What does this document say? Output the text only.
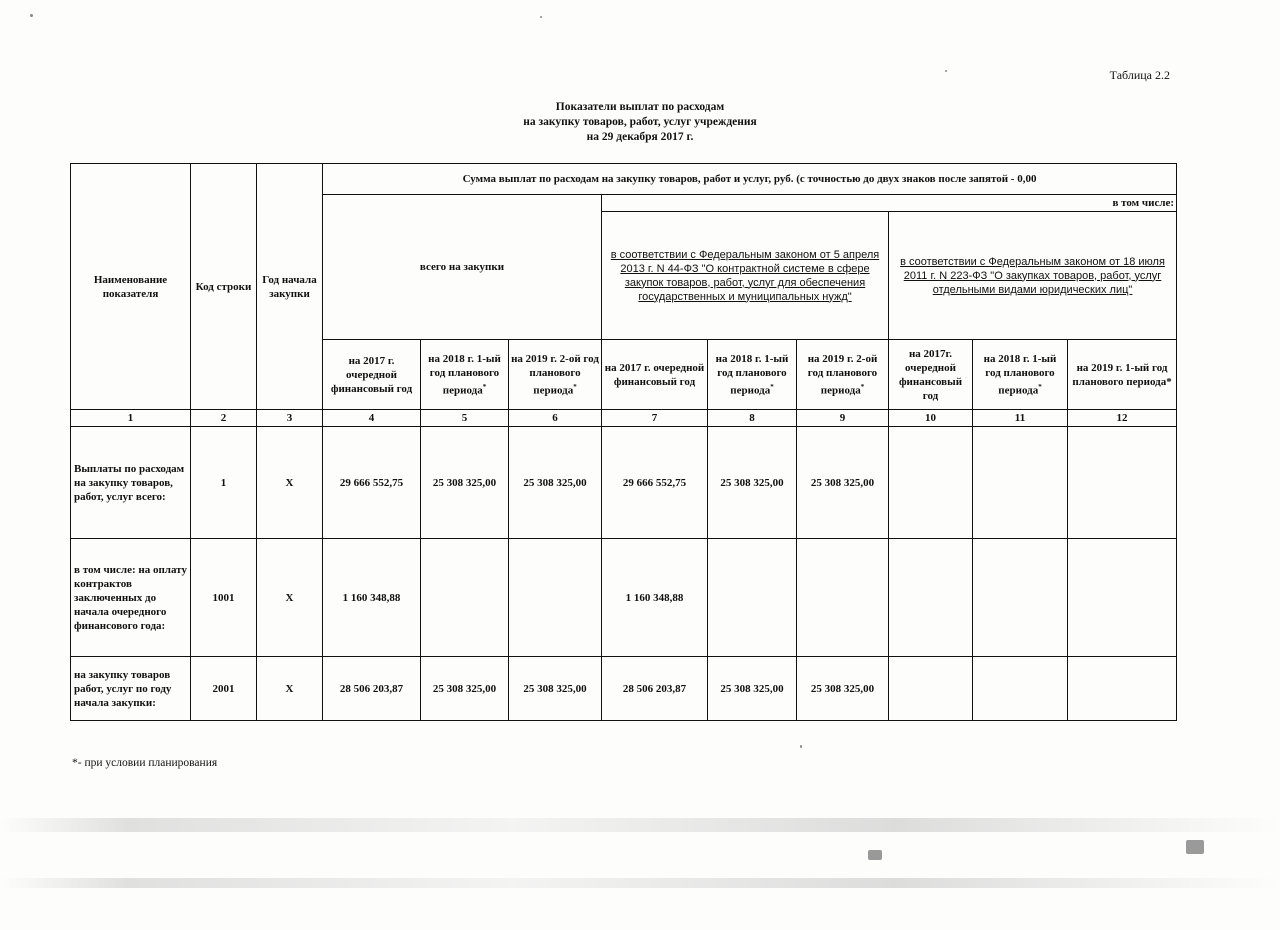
Таблица 2.2
Показатели выплат по расходам
на закупку товаров, работ, услуг учреждения
на 29 декабря 2017 г.
Наименование показателя	Код строки	Год начала закупки	Сумма выплат по расходам на закупку товаров, работ и услуг, руб. (с точностью до двух знаков после запятой - 0,00								
			всего на закупки			в том числе:					
						в соответствии с Федеральным законом от 5 апреля 2013 г. N 44-ФЗ "О контрактной системе в сфере закупок товаров, работ, услуг для обеспечения государственных и муниципальных нужд"			в соответствии с Федеральным законом от 18 июля 2011 г. N 223-ФЗ "О закупках товаров, работ, услуг отдельными видами юридических лиц"		
			на 2017 г. очередной финансовый год	на 2018 г. 1-ый год планового периода*	на 2019 г. 2-ой год планового периода*	на 2017 г. очередной финансовый год	на 2018 г. 1-ый год планового периода*	на 2019 г. 2-ой год планового периода*	на 2017г. очередной финансовый год	на 2018 г. 1-ый год планового периода*	на 2019 г. 1-ый год планового периода*
1	2	3	4	5	6	7	8	9	10	11	12
Выплаты по расходам на закупку товаров, работ, услуг всего:	1	Х	29 666 552,75	25 308 325,00	25 308 325,00	29 666 552,75	25 308 325,00	25 308 325,00			
в том числе: на оплату контрактов заключенных до начала очередного финансового года:	1001	Х	1 160 348,88			1 160 348,88					
на закупку товаров работ, услуг по году начала закупки:	2001	Х	28 506 203,87	25 308 325,00	25 308 325,00	28 506 203,87	25 308 325,00	25 308 325,00			
*- при условии планирования
